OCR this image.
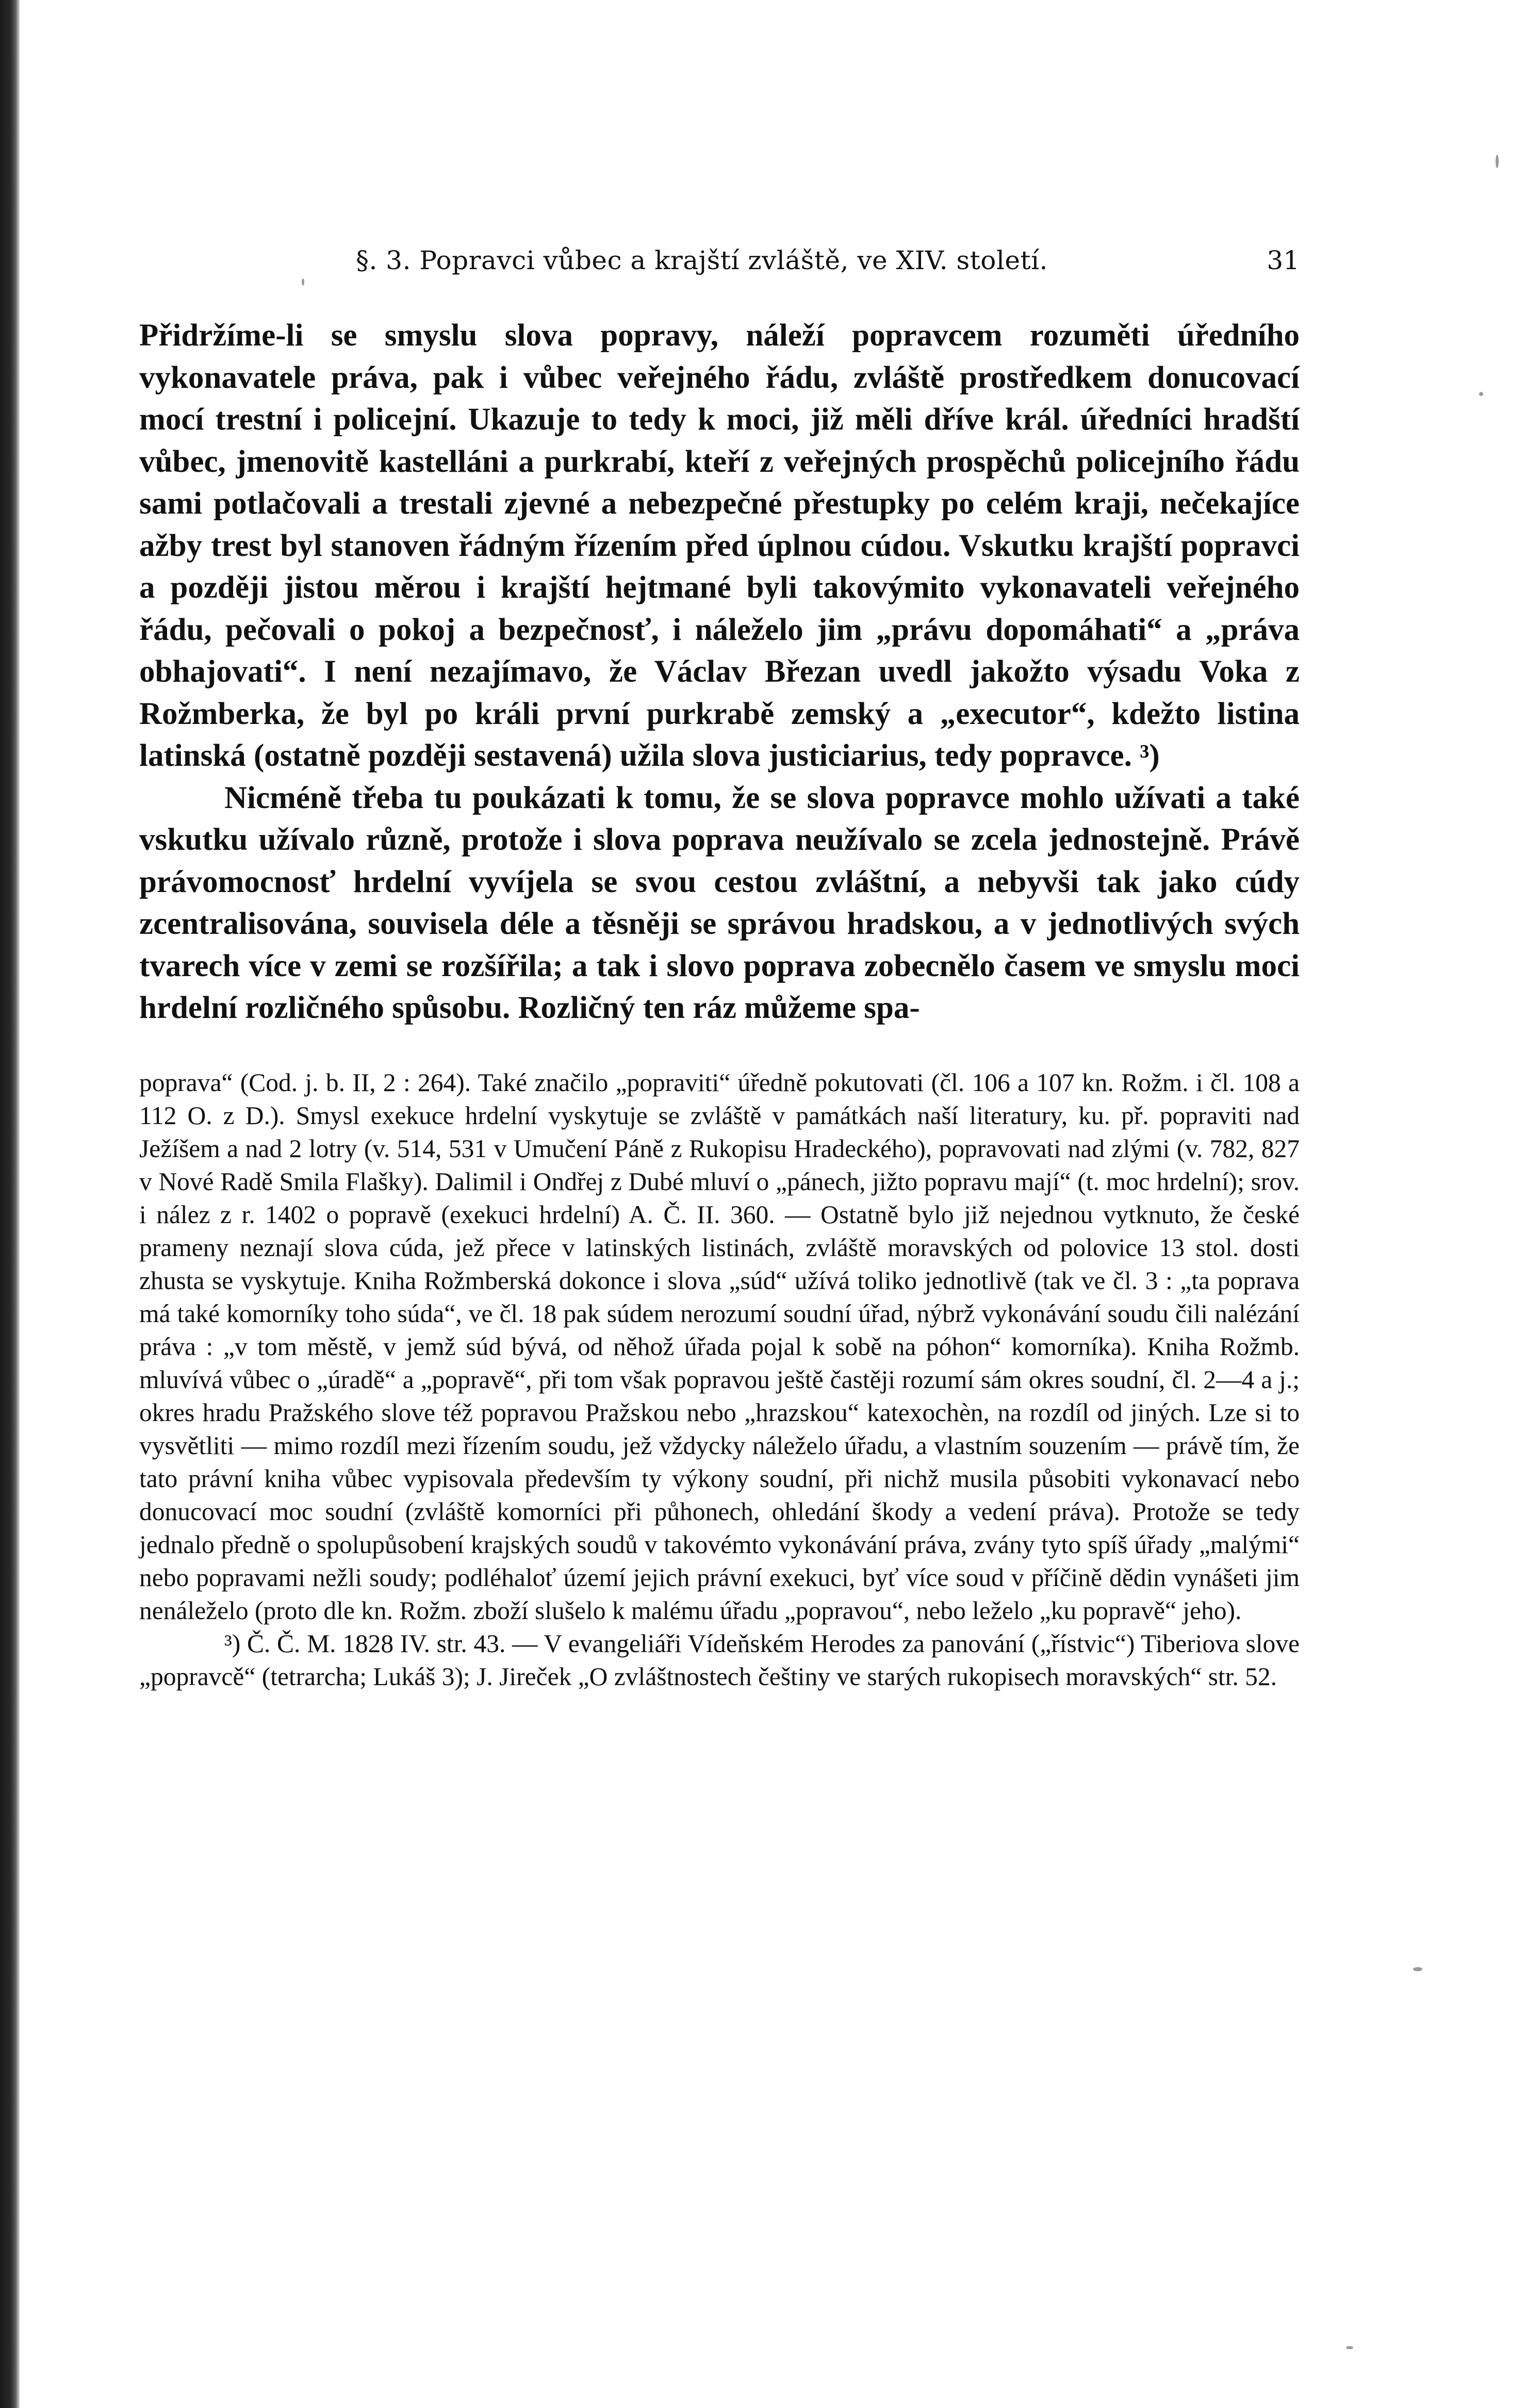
§. 3. Popravci vůbec a krajští zvláště, ve XIV. století.	31

Přidržíme-li se smyslu slova popravy, náleží popravcem rozuměti úředního vykonavatele práva, pak i vůbec veřejného řádu, zvláště prostředkem donucovací mocí trestní i policejní. Ukazuje to tedy k moci, již měli dříve král. úředníci hradští vůbec, jmenovitě kastelláni a purkrabí, kteří z veřejných prospěchů policejního řádu sami potlačovali a trestali zjevné a nebezpečné přestupky po celém kraji, nečekajíce ažby trest byl stanoven řádným řízením před úplnou cúdou. Vskutku krajští popravci a později jistou měrou i krajští hejtmané byli takovýmito vykonavateli veřejného řádu, pečovali o pokoj a bezpečnosť, i náleželo jim „právu dopomáhati“ a „práva obhajovati“. I není nezajímavo, že Václav Březan uvedl jakožto výsadu Voka z Rožmberka, že byl po králi první purkrabě zemský a „executor“, kdežto listina latinská (ostatně později sestavená) užila slova justiciarius, tedy popravce. ³)

Nicméně třeba tu poukázati k tomu, že se slova popravce mohlo užívati a také vskutku užívalo různě, protože i slova poprava neužívalo se zcela jednostejně. Právě právomocnosť hrdelní vyvíjela se svou cestou zvláštní, a nebyvši tak jako cúdy zcentralisována, souvisela déle a těsněji se správou hradskou, a v jednotlivých svých tvarech více v zemi se rozšířila; a tak i slovo poprava zobecnělo časem ve smyslu moci hrdelní rozličného spůsobu. Rozličný ten ráz můžeme spa-

poprava“ (Cod. j. b. II, 2 : 264). Také značilo „popraviti“ úředně pokutovati (čl. 106 a 107 kn. Rožm. i čl. 108 a 112 O. z D.). Smysl exekuce hrdelní vyskytuje se zvláště v památkách naší literatury, ku. př. popraviti nad Ježíšem a nad 2 lotry (v. 514, 531 v Umučení Páně z Rukopisu Hradeckého), popravovati nad zlými (v. 782, 827 v Nové Radě Smila Flašky). Dalimil i Ondřej z Dubé mluví o „pánech, jižto popravu mají“ (t. moc hrdelní); srov. i nález z r. 1402 o popravě (exekuci hrdelní) A. Č. II. 360. — Ostatně bylo již nejednou vytknuto, že české prameny neznají slova cúda, jež přece v latinských listinách, zvláště moravských od polovice 13 stol. dosti zhusta se vyskytuje. Kniha Rožmberská dokonce i slova „súd“ užívá toliko jednotlivě (tak ve čl. 3 : „ta poprava má také komorníky toho súda“, ve čl. 18 pak súdem nerozumí soudní úřad, nýbrž vykonávání soudu čili nalézání práva : „v tom městě, v jemž súd bývá, od něhož úřada pojal k sobě na póhon“ komorníka). Kniha Rožmb. mluvívá vůbec o „úradě“ a „popravě“, při tom však popravou ještě častěji rozumí sám okres soudní, čl. 2—4 a j.; okres hradu Pražského slove též popravou Pražskou nebo „hrazskou“ katexochèn, na rozdíl od jiných. Lze si to vysvětliti — mimo rozdíl mezi řízením soudu, jež vždycky náleželo úřadu, a vlastním souzením — právě tím, že tato právní kniha vůbec vypisovala především ty výkony soudní, při nichž musila působiti vykonavací nebo donucovací moc soudní (zvláště komorníci při půhonech, ohledání škody a vedení práva). Protože se tedy jednalo předně o spolupůsobení krajských soudů v takovémto vykonávání práva, zvány tyto spíš úřady „malými“ nebo popravami nežli soudy; podléhaloť území jejich právní exekuci, byť více soud v příčině dědin vynášeti jim nenáleželo (proto dle kn. Rožm. zboží slušelo k malému úřadu „popravou“, nebo leželo „ku popravě“ jeho).

³) Č. Č. M. 1828 IV. str. 43. — V evangeliáři Vídeňském Herodes za panování („řístvic“) Tiberiova slove „popravcě“ (tetrarcha; Lukáš 3); J. Jireček „O zvláštnostech češtiny ve starých rukopisech moravských“ str. 52.
